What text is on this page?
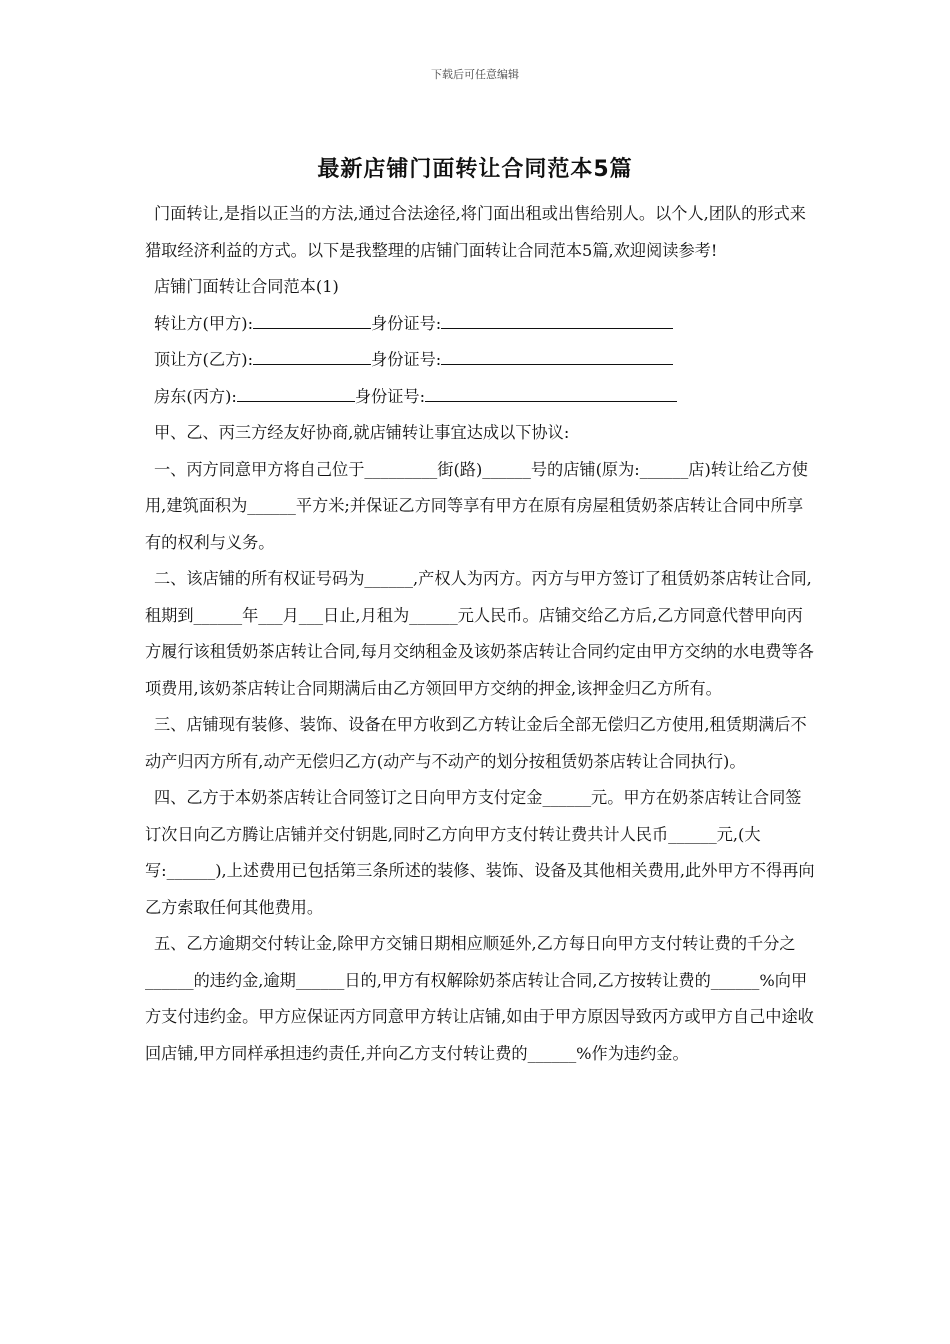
下载后可任意编辑
最新店铺门面转让合同范本5篇

门面转让,是指以正当的方法,通过合法途径,将门面出租或出售给别人。以个人,团队的形式来猎取经济利益的方式。以下是我整理的店铺门面转让合同范本5篇,欢迎阅读参考!

店铺门面转让合同范本(1)

转让方(甲方):	身份证号:

顶让方(乙方):	身份证号:

房东(丙方):	身份证号:

甲、乙、丙三方经友好协商,就店铺转让事宜达成以下协议:

一、丙方同意甲方将自己位于_________街(路)______号的店铺(原为:______店)转让给乙方使用,建筑面积为______平方米;并保证乙方同等享有甲方在原有房屋租赁奶茶店转让合同中所享有的权利与义务。

二、该店铺的所有权证号码为______,产权人为丙方。丙方与甲方签订了租赁奶茶店转让合同,租期到______年___月___日止,月租为______元人民币。店铺交给乙方后,乙方同意代替甲向丙方履行该租赁奶茶店转让合同,每月交纳租金及该奶茶店转让合同约定由甲方交纳的水电费等各项费用,该奶茶店转让合同期满后由乙方领回甲方交纳的押金,该押金归乙方所有。

三、店铺现有装修、装饰、设备在甲方收到乙方转让金后全部无偿归乙方使用,租赁期满后不动产归丙方所有,动产无偿归乙方(动产与不动产的划分按租赁奶茶店转让合同执行)。

四、乙方于本奶茶店转让合同签订之日向甲方支付定金______元。甲方在奶茶店转让合同签订次日向乙方腾让店铺并交付钥匙,同时乙方向甲方支付转让费共计人民币______元,(大写:______),上述费用已包括第三条所述的装修、装饰、设备及其他相关费用,此外甲方不得再向乙方索取任何其他费用。

五、乙方逾期交付转让金,除甲方交铺日期相应顺延外,乙方每日向甲方支付转让费的千分之______的违约金,逾期______日的,甲方有权解除奶茶店转让合同,乙方按转让费的______%向甲方支付违约金。甲方应保证丙方同意甲方转让店铺,如由于甲方原因导致丙方或甲方自己中途收回店铺,甲方同样承担违约责任,并向乙方支付转让费的______%作为违约金。
